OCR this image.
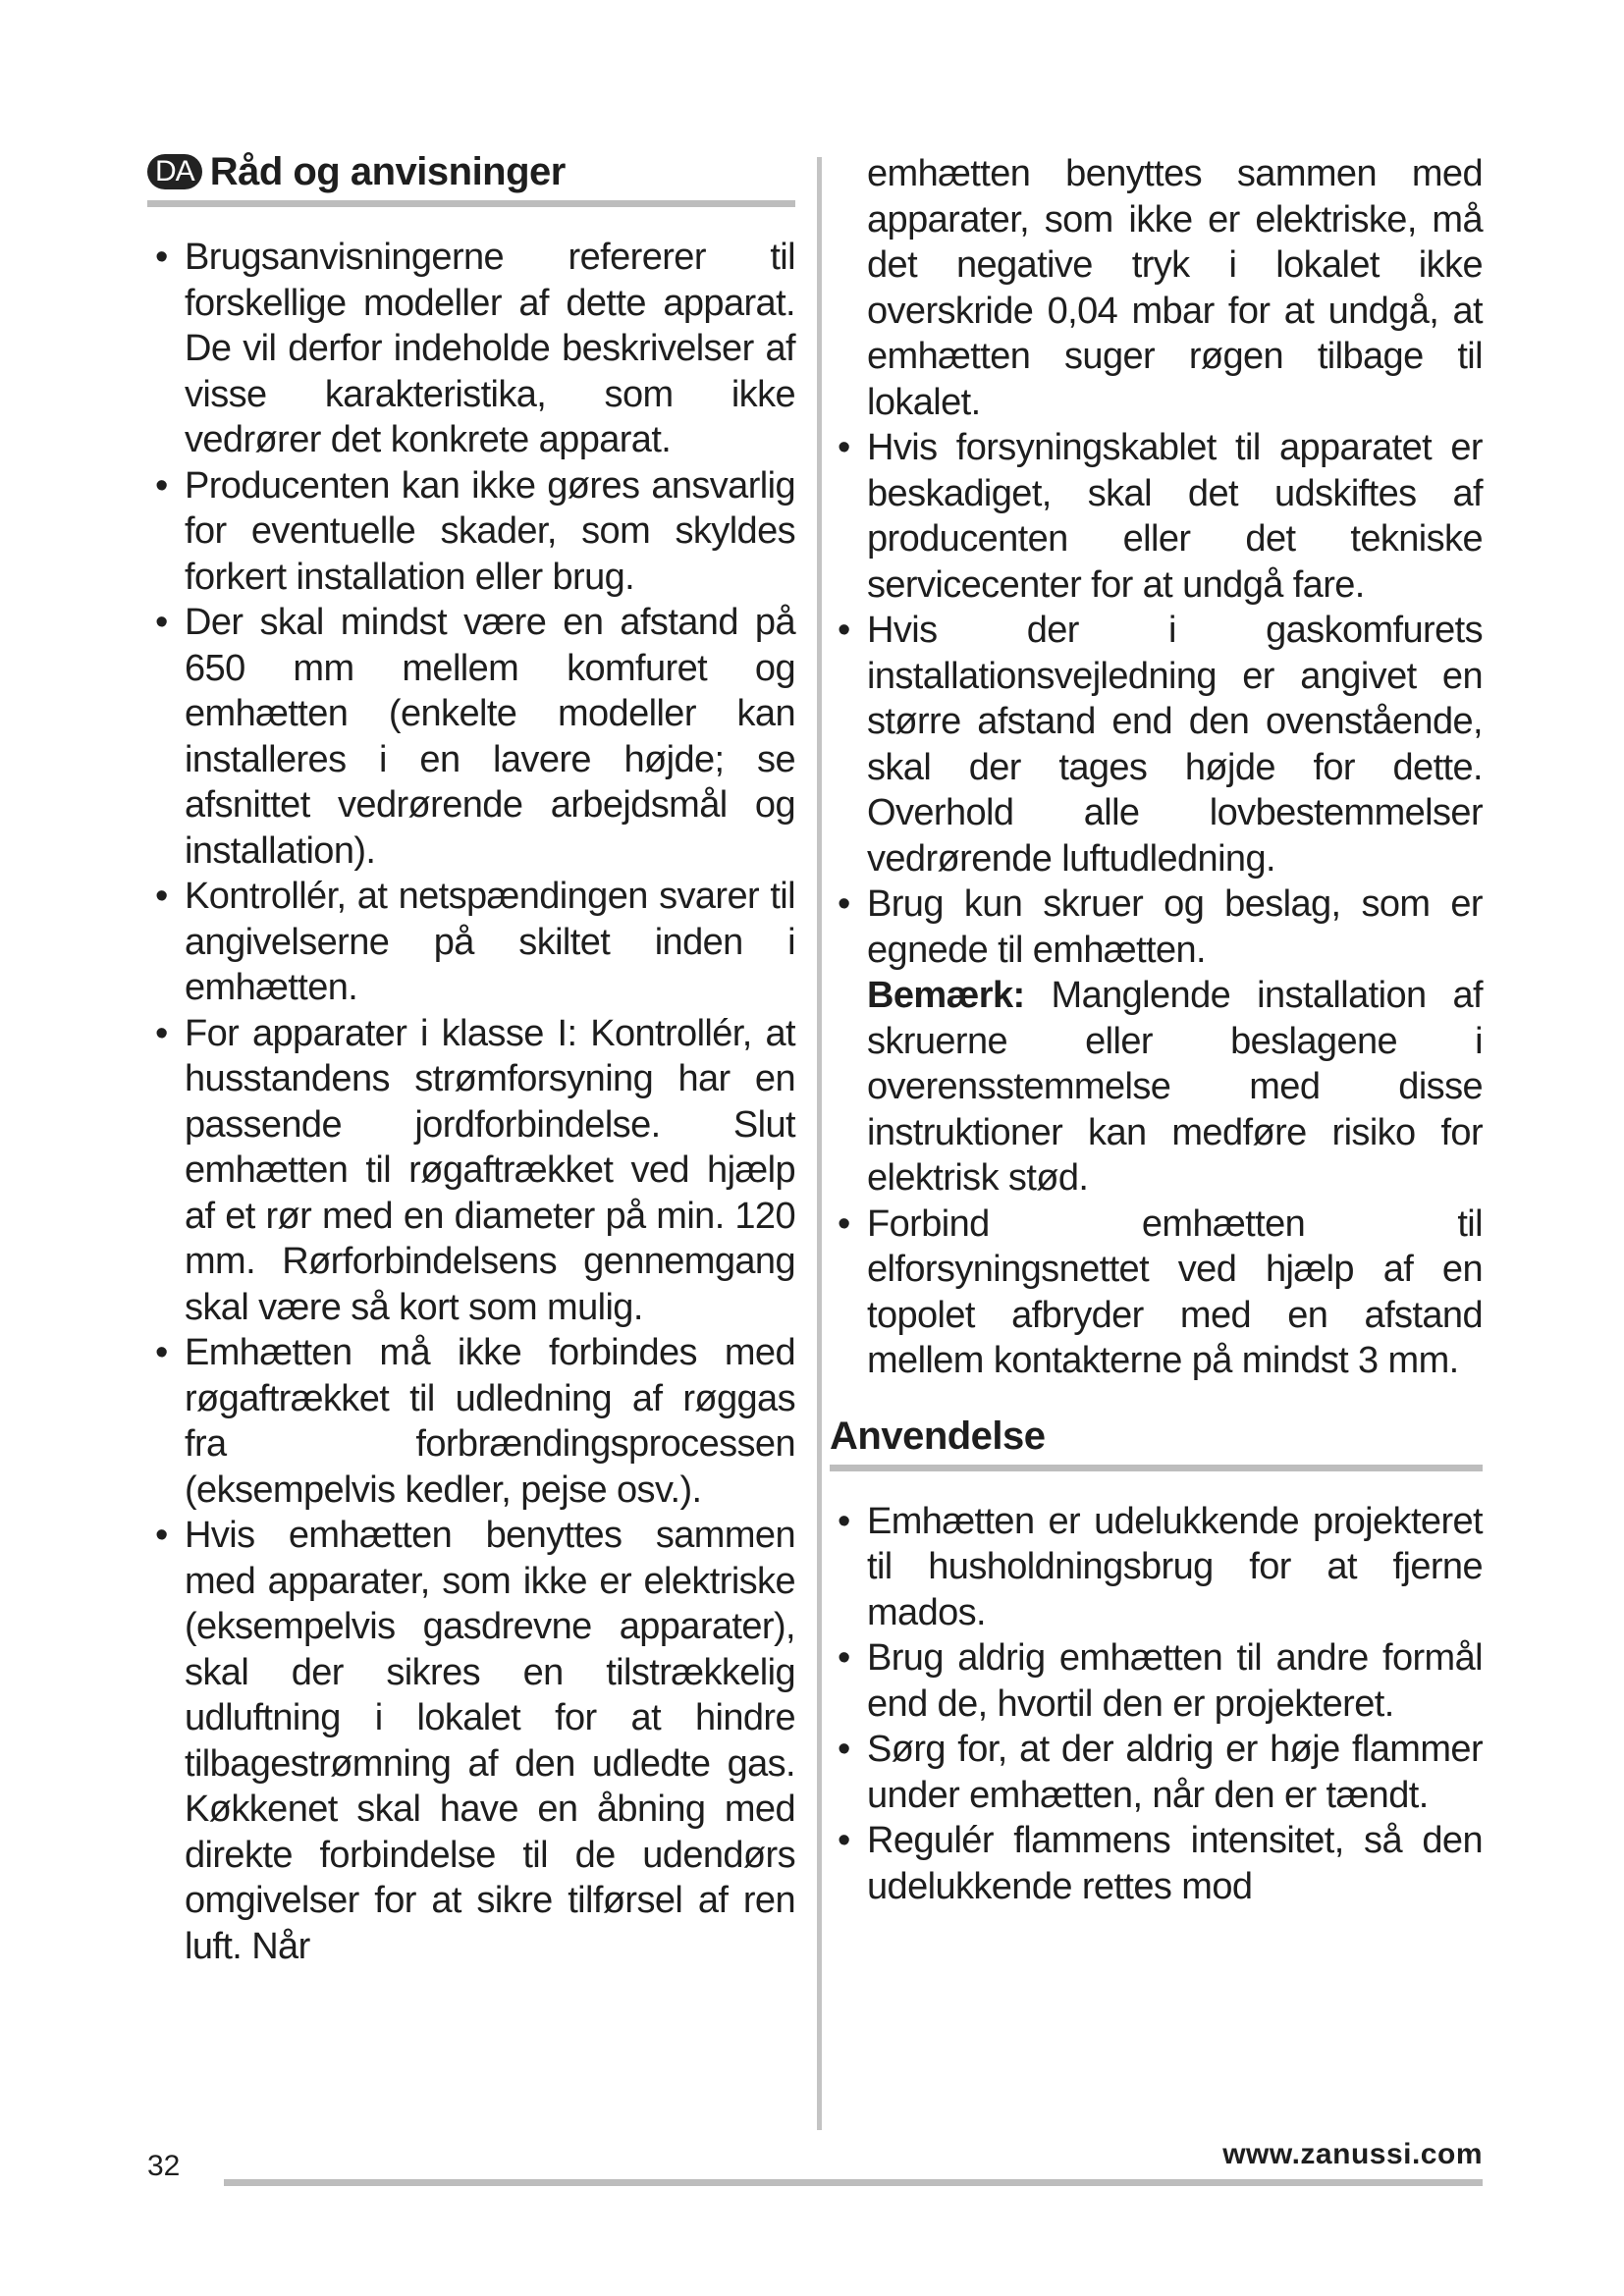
DA Råd og anvisninger
• Brugsanvisningerne refererer til forskellige modeller af dette apparat. De vil derfor indeholde beskrivelser af visse karakteristika, som ikke vedrører det konkrete apparat.
• Producenten kan ikke gøres ansvarlig for eventuelle skader, som skyldes forkert installation eller brug.
• Der skal mindst være en afstand på 650 mm mellem komfuret og emhætten (enkelte modeller kan installeres i en lavere højde; se afsnittet vedrørende arbejdsmål og installation).
• Kontrollér, at netspændingen svarer til angivelserne på skiltet inden i emhætten.
• For apparater i klasse I: Kontrollér, at husstandens strømforsyning har en passende jordforbindelse. Slut emhætten til røgaftrækket ved hjælp af et rør med en diameter på min. 120 mm. Rørforbindelsens gennemgang skal være så kort som mulig.
• Emhætten må ikke forbindes med røgaftrækket til udledning af røggas fra forbrændingsprocessen (eksempelvis kedler, pejse osv.).
• Hvis emhætten benyttes sammen med apparater, som ikke er elektriske (eksempelvis gasdrevne apparater), skal der sikres en tilstrækkelig udluftning i lokalet for at hindre tilbagestrømning af den udledte gas. Køkkenet skal have en åbning med direkte forbindelse til de udendørs omgivelser for at sikre tilførsel af ren luft. Når

emhætten benyttes sammen med apparater, som ikke er elektriske, må det negative tryk i lokalet ikke overskride 0,04 mbar for at undgå, at emhætten suger røgen tilbage til lokalet.

• Hvis forsyningskablet til apparatet er beskadiget, skal det udskiftes af producenten eller det tekniske servicecenter for at undgå fare.
• Hvis der i gaskomfurets installationsvejledning er angivet en større afstand end den ovenstående, skal der tages højde for dette. Overhold alle lovbestemmelser vedrørende luftudledning.
• Brug kun skruer og beslag, som er egnede til emhætten.
Bemærk: Manglende installation af skruerne eller beslagene i overensstemmelse med disse instruktioner kan medføre risiko for elektrisk stød.
• Forbind emhætten til elforsyningsnettet ved hjælp af en topolet afbryder med en afstand mellem kontakterne på mindst 3 mm.
Anvendelse
• Emhætten er udelukkende projekteret til husholdningsbrug for at fjerne mados.
• Brug aldrig emhætten til andre formål end de, hvortil den er projekteret.
• Sørg for, at der aldrig er høje flammer under emhætten, når den er tændt.
• Regulér flammens intensitet, så den udelukkende rettes mod
32	www.zanussi.com
